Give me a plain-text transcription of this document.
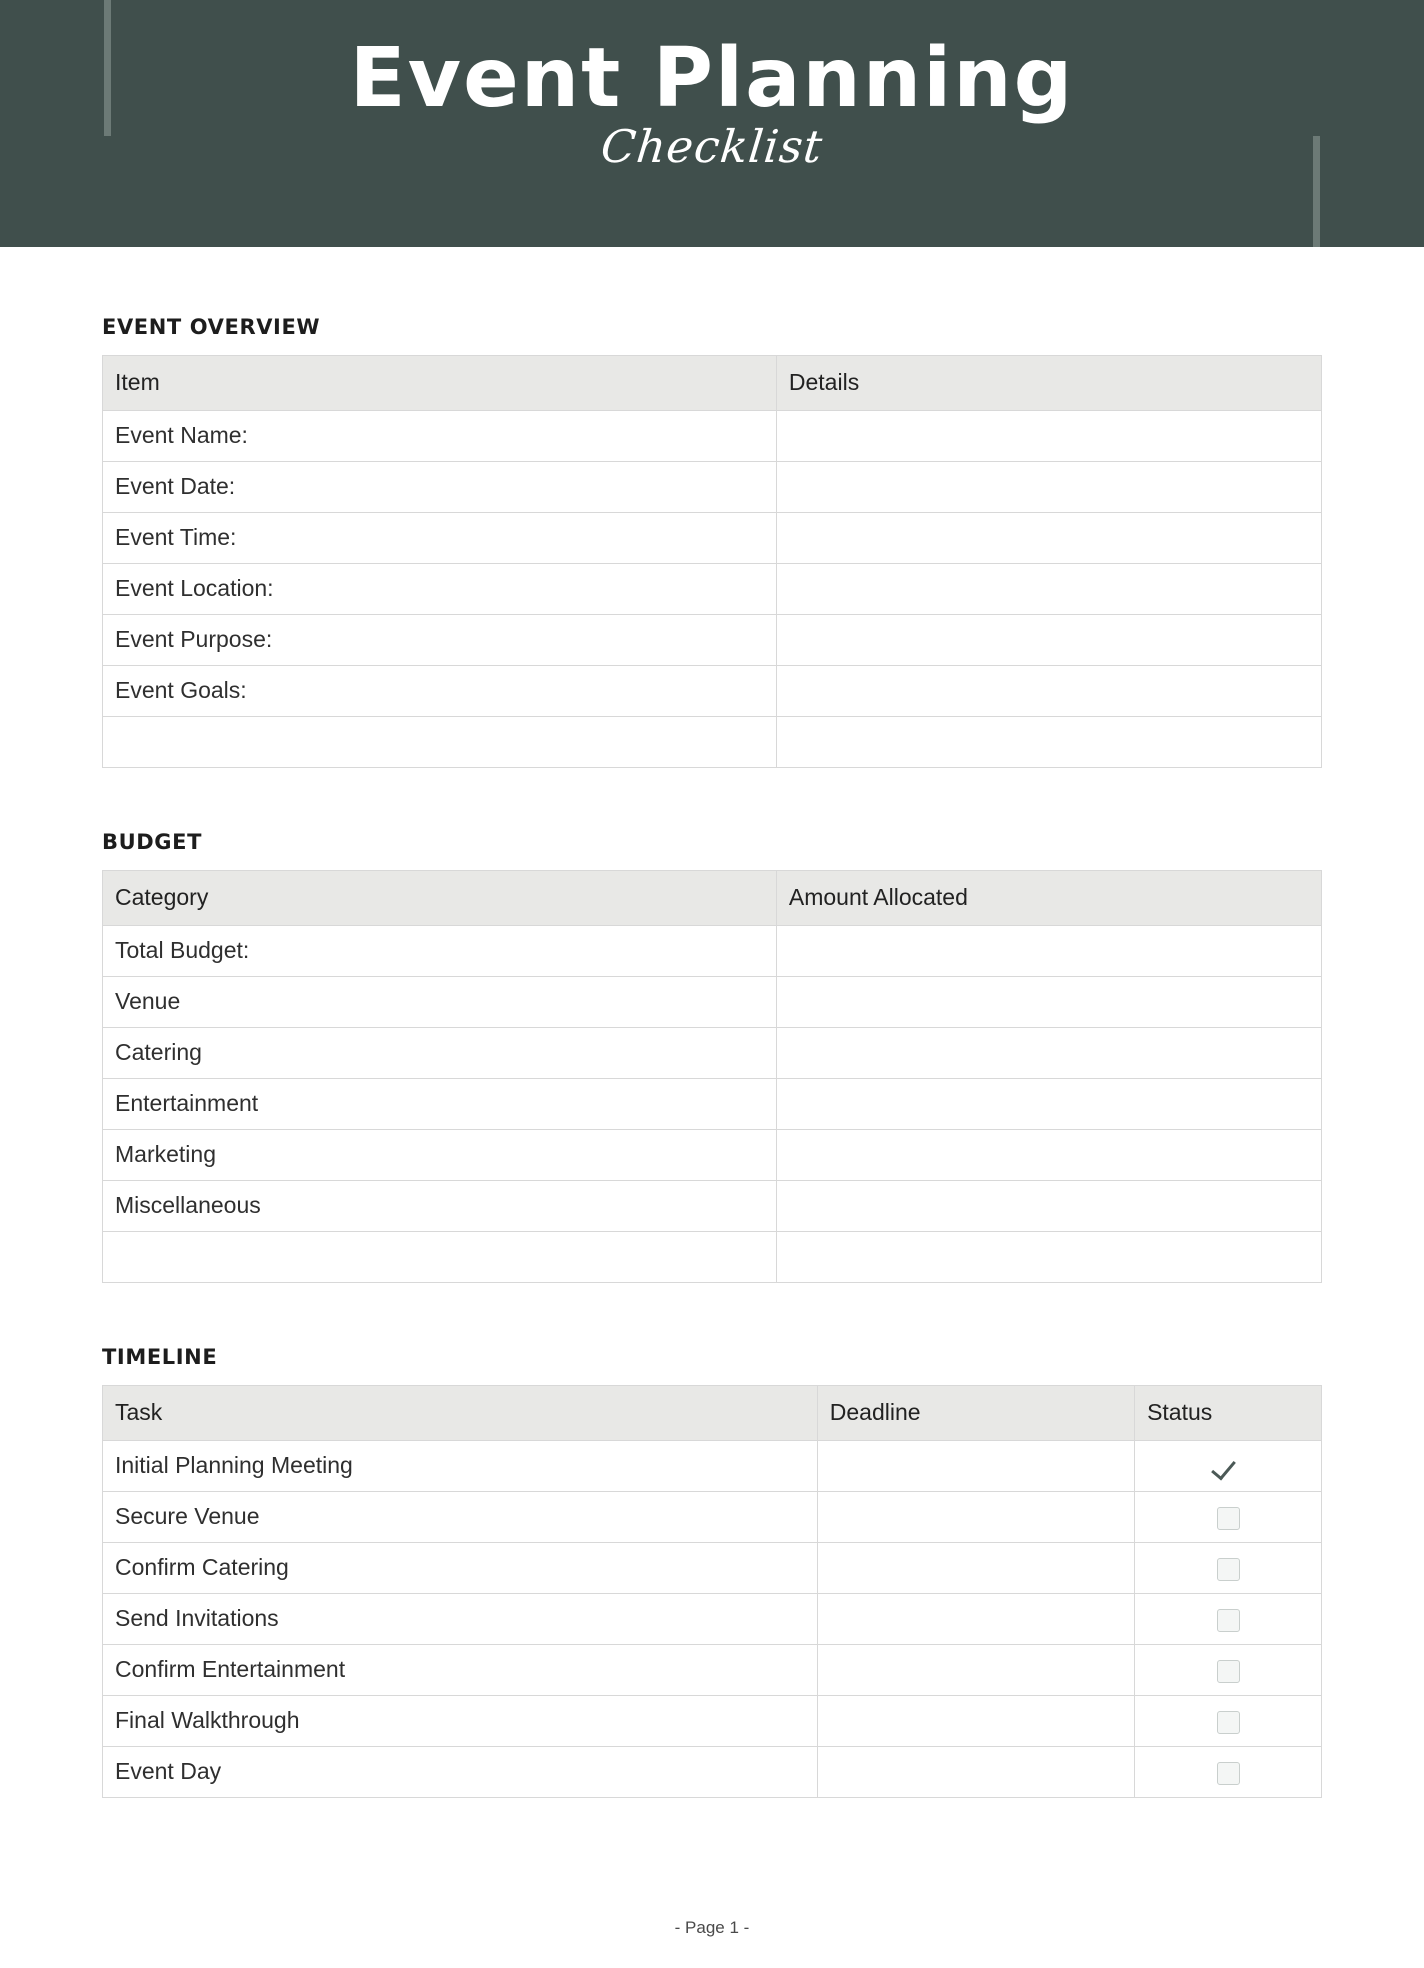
Event Planning
Checklist
EVENT OVERVIEW
Item	Details
Event Name:	
Event Date:	
Event Time:	
Event Location:	
Event Purpose:	
Event Goals:	

BUDGET
Category	Amount Allocated
Total Budget:	
Venue	
Catering	
Entertainment	
Marketing	
Miscellaneous	

TIMELINE
Task	Deadline	Status
Initial Planning Meeting		
Secure Venue		
Confirm Catering		
Send Invitations		
Confirm Entertainment		
Final Walkthrough		
Event Day		
- Page 1 -
